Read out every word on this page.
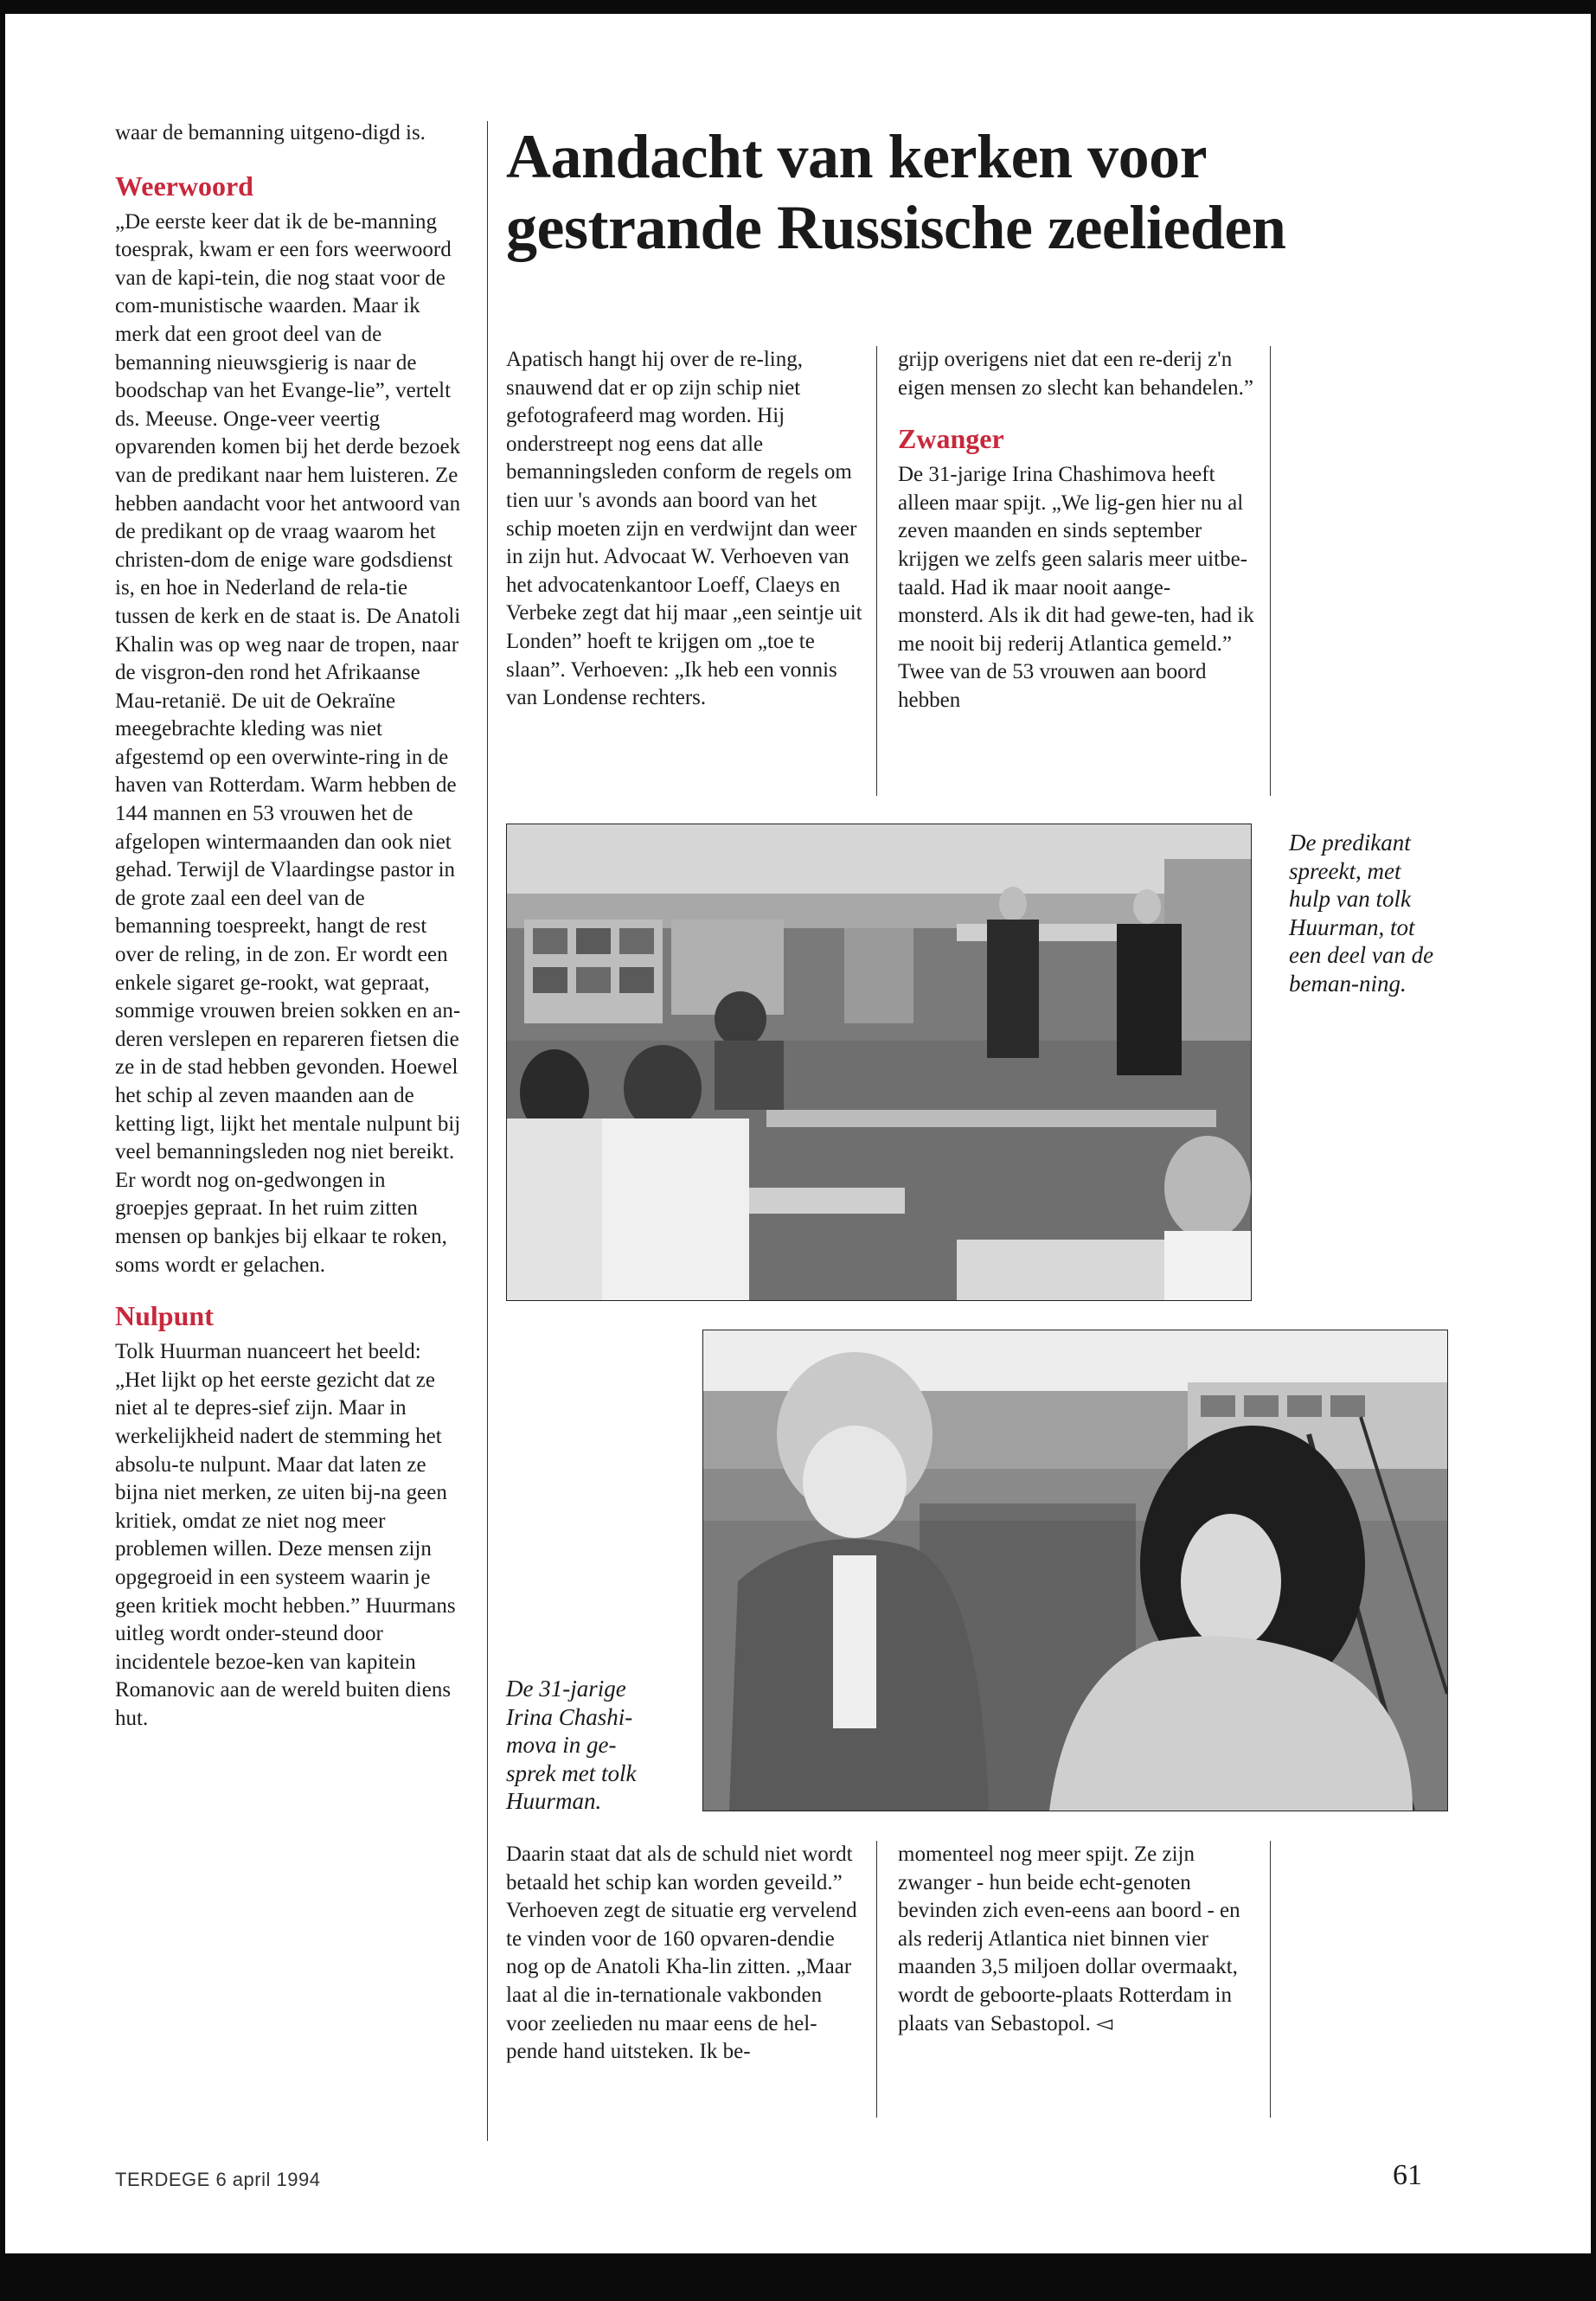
waar de bemanning uitgeno-digd is.

Weerwoord

„De eerste keer dat ik de be-manning toesprak, kwam er een fors weerwoord van de kapi-tein, die nog staat voor de com-munistische waarden. Maar ik merk dat een groot deel van de bemanning nieuwsgierig is naar de boodschap van het Evange-lie”, vertelt ds. Meeuse. Onge-veer veertig opvarenden komen bij het derde bezoek van de predikant naar hem luisteren. Ze hebben aandacht voor het antwoord van de predikant op de vraag waarom het christen-dom de enige ware godsdienst is, en hoe in Nederland de rela-tie tussen de kerk en de staat is. De Anatoli Khalin was op weg naar de tropen, naar de visgron-den rond het Afrikaanse Mau-retanië. De uit de Oekraïne meegebrachte kleding was niet afgestemd op een overwinte-ring in de haven van Rotterdam. Warm hebben de 144 mannen en 53 vrouwen het de afgelopen wintermaanden dan ook niet gehad. Terwijl de Vlaardingse pastor in de grote zaal een deel van de bemanning toespreekt, hangt de rest over de reling, in de zon. Er wordt een enkele sigaret ge-rookt, wat gepraat, sommige vrouwen breien sokken en an-deren verslepen en repareren fietsen die ze in de stad hebben gevonden. Hoewel het schip al zeven maanden aan de ketting ligt, lijkt het mentale nulpunt bij veel bemanningsleden nog niet bereikt. Er wordt nog on-gedwongen in groepjes gepraat. In het ruim zitten mensen op bankjes bij elkaar te roken, soms wordt er gelachen.

Nulpunt

Tolk Huurman nuanceert het beeld: „Het lijkt op het eerste gezicht dat ze niet al te depres-sief zijn. Maar in werkelijkheid nadert de stemming het absolu-te nulpunt. Maar dat laten ze bijna niet merken, ze uiten bij-na geen kritiek, omdat ze niet nog meer problemen willen. Deze mensen zijn opgegroeid in een systeem waarin je geen kritiek mocht hebben.” Huurmans uitleg wordt onder-steund door incidentele bezoe-ken van kapitein Romanovic aan de wereld buiten diens hut.

Aandacht van kerken voor gestrande Russische zeelieden

Apatisch hangt hij over de re-ling, snauwend dat er op zijn schip niet gefotografeerd mag worden. Hij onderstreept nog eens dat alle bemanningsleden conform de regels om tien uur 's avonds aan boord van het schip moeten zijn en verdwijnt dan weer in zijn hut. Advocaat W. Verhoeven van het advocatenkantoor Loeff, Claeys en Verbeke zegt dat hij maar „een seintje uit Londen” hoeft te krijgen om „toe te slaan”. Verhoeven: „Ik heb een vonnis van Londense rechters.

grijp overigens niet dat een re-derij z'n eigen mensen zo slecht kan behandelen.”

Zwanger

De 31-jarige Irina Chashimova heeft alleen maar spijt. „We lig-gen hier nu al zeven maanden en sinds september krijgen we zelfs geen salaris meer uitbe-taald. Had ik maar nooit aange-monsterd. Als ik dit had gewe-ten, had ik me nooit bij rederij Atlantica gemeld.” Twee van de 53 vrouwen aan boord hebben

De predikant spreekt, met hulp van tolk Huurman, tot een deel van de beman-ning.

De 31-jarige Irina Chashi-mova in ge-sprek met tolk Huurman.

Daarin staat dat als de schuld niet wordt betaald het schip kan worden geveild.” Verhoeven zegt de situatie erg vervelend te vinden voor de 160 opvaren-dendie nog op de Anatoli Kha-lin zitten. „Maar laat al die in-ternationale vakbonden voor zeelieden nu maar eens de hel-pende hand uitsteken. Ik be-

momenteel nog meer spijt. Ze zijn zwanger - hun beide echt-genoten bevinden zich even-eens aan boord - en als rederij Atlantica niet binnen vier maanden 3,5 miljoen dollar overmaakt, wordt de geboorte-plaats Rotterdam in plaats van Sebastopol. ◅

TERDEGE 6 april 1994	61
